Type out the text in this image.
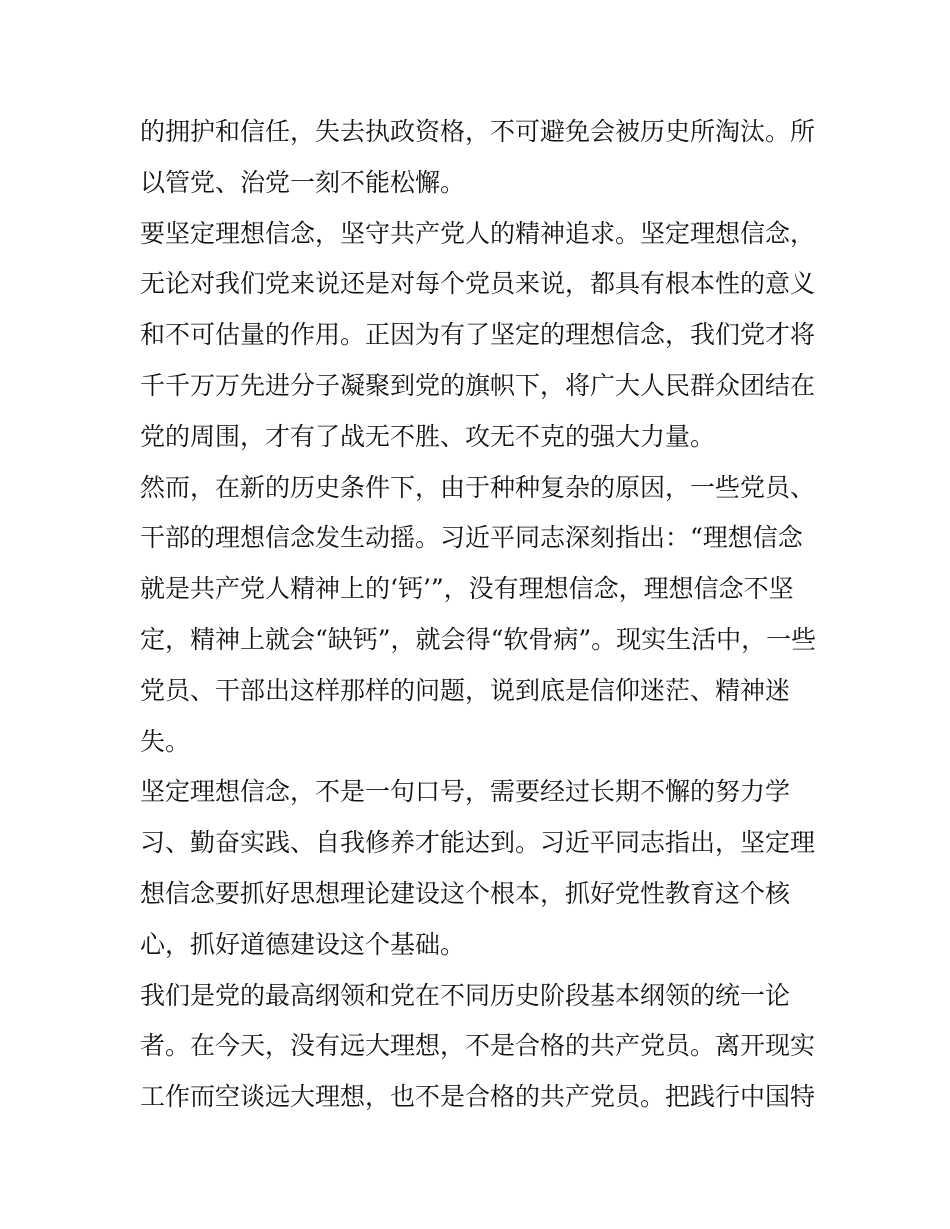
的拥护和信任，失去执政资格，不可避免会被历史所淘汰。所
以管党、治党一刻不能松懈。
要坚定理想信念，坚守共产党人的精神追求。坚定理想信念，
无论对我们党来说还是对每个党员来说，都具有根本性的意义
和不可估量的作用。正因为有了坚定的理想信念，我们党才将
千千万万先进分子凝聚到党的旗帜下，将广大人民群众团结在
党的周围，才有了战无不胜、攻无不克的强大力量。
然而，在新的历史条件下，由于种种复杂的原因，一些党员、
干部的理想信念发生动摇。习近平同志深刻指出：“理想信念
就是共产党人精神上的‘钙’”，没有理想信念，理想信念不坚
定，精神上就会“缺钙”，就会得“软骨病”。现实生活中，一些
党员、干部出这样那样的问题，说到底是信仰迷茫、精神迷
失。
坚定理想信念，不是一句口号，需要经过长期不懈的努力学
习、勤奋实践、自我修养才能达到。习近平同志指出，坚定理
想信念要抓好思想理论建设这个根本，抓好党性教育这个核
心，抓好道德建设这个基础。
我们是党的最高纲领和党在不同历史阶段基本纲领的统一论
者。在今天，没有远大理想，不是合格的共产党员。离开现实
工作而空谈远大理想，也不是合格的共产党员。把践行中国特
